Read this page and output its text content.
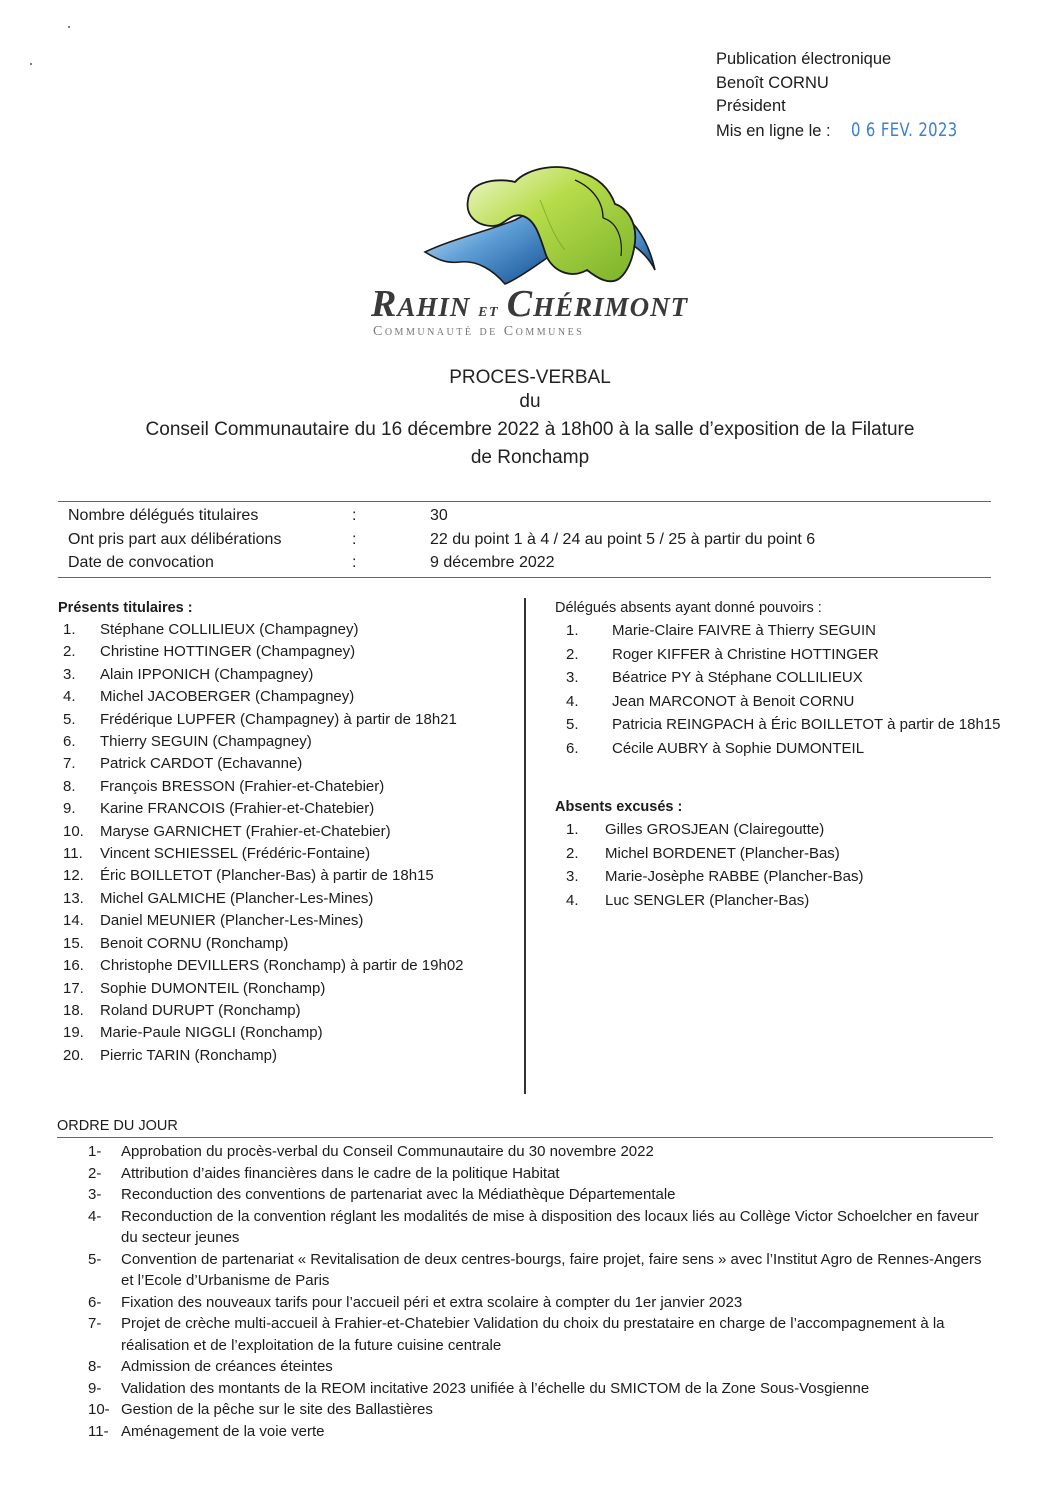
Publication électronique
Benoît CORNU
Président
Mis en ligne le : 0 6 FEV. 2023
RAHIN ET CHÉRIMONT
Communauté de Communes
PROCES-VERBAL
du
Conseil Communautaire du 16 décembre 2022 à 18h00 à la salle d’exposition de la Filature
de Ronchamp
Nombre délégués titulaires	:	30
Ont pris part aux délibérations	:	22 du point 1 à 4 / 24 au point 5 / 25 à partir du point 6
Date de convocation	:	9 décembre 2022
Présents titulaires :
1.	Stéphane COLLILIEUX (Champagney)
2.	Christine HOTTINGER (Champagney)
3.	Alain IPPONICH (Champagney)
4.	Michel JACOBERGER (Champagney)
5.	Frédérique LUPFER (Champagney) à partir de 18h21
6.	Thierry SEGUIN (Champagney)
7.	Patrick CARDOT (Echavanne)
8.	François BRESSON (Frahier-et-Chatebier)
9.	Karine FRANCOIS (Frahier-et-Chatebier)
10.	Maryse GARNICHET (Frahier-et-Chatebier)
11.	Vincent SCHIESSEL (Frédéric-Fontaine)
12.	Éric BOILLETOT (Plancher-Bas) à partir de 18h15
13.	Michel GALMICHE (Plancher-Les-Mines)
14.	Daniel MEUNIER (Plancher-Les-Mines)
15.	Benoit CORNU (Ronchamp)
16.	Christophe DEVILLERS (Ronchamp) à partir de 19h02
17.	Sophie DUMONTEIL (Ronchamp)
18.	Roland DURUPT (Ronchamp)
19.	Marie-Paule NIGGLI (Ronchamp)
20.	Pierric TARIN (Ronchamp)
Délégués absents ayant donné pouvoirs :
1.	Marie-Claire FAIVRE à Thierry SEGUIN
2.	Roger KIFFER à Christine HOTTINGER
3.	Béatrice PY à Stéphane COLLILIEUX
4.	Jean MARCONOT à Benoit CORNU
5.	Patricia REINGPACH à Éric BOILLETOT à partir de 18h15
6.	Cécile AUBRY à Sophie DUMONTEIL
Absents excusés :
1.	Gilles GROSJEAN (Clairegoutte)
2.	Michel BORDENET (Plancher-Bas)
3.	Marie-Josèphe RABBE (Plancher-Bas)
4.	Luc SENGLER (Plancher-Bas)
ORDRE DU JOUR
1-	Approbation du procès-verbal du Conseil Communautaire du 30 novembre 2022
2-	Attribution d’aides financières dans le cadre de la politique Habitat
3-	Reconduction des conventions de partenariat avec la Médiathèque Départementale
4-	Reconduction de la convention réglant les modalités de mise à disposition des locaux liés au Collège Victor Schoelcher en faveur du secteur jeunes
5-	Convention de partenariat « Revitalisation de deux centres-bourgs, faire projet, faire sens » avec l’Institut Agro de Rennes-Angers et l’Ecole d’Urbanisme de Paris
6-	Fixation des nouveaux tarifs pour l’accueil péri et extra scolaire à compter du 1er janvier 2023
7-	Projet de crèche multi-accueil à Frahier-et-Chatebier Validation du choix du prestataire en charge de l’accompagnement à la réalisation et de l’exploitation de la future cuisine centrale
8-	Admission de créances éteintes
9-	Validation des montants de la REOM incitative 2023 unifiée à l’échelle du SMICTOM de la Zone Sous-Vosgienne
10- Gestion de la pêche sur le site des Ballastières
11- Aménagement de la voie verte
